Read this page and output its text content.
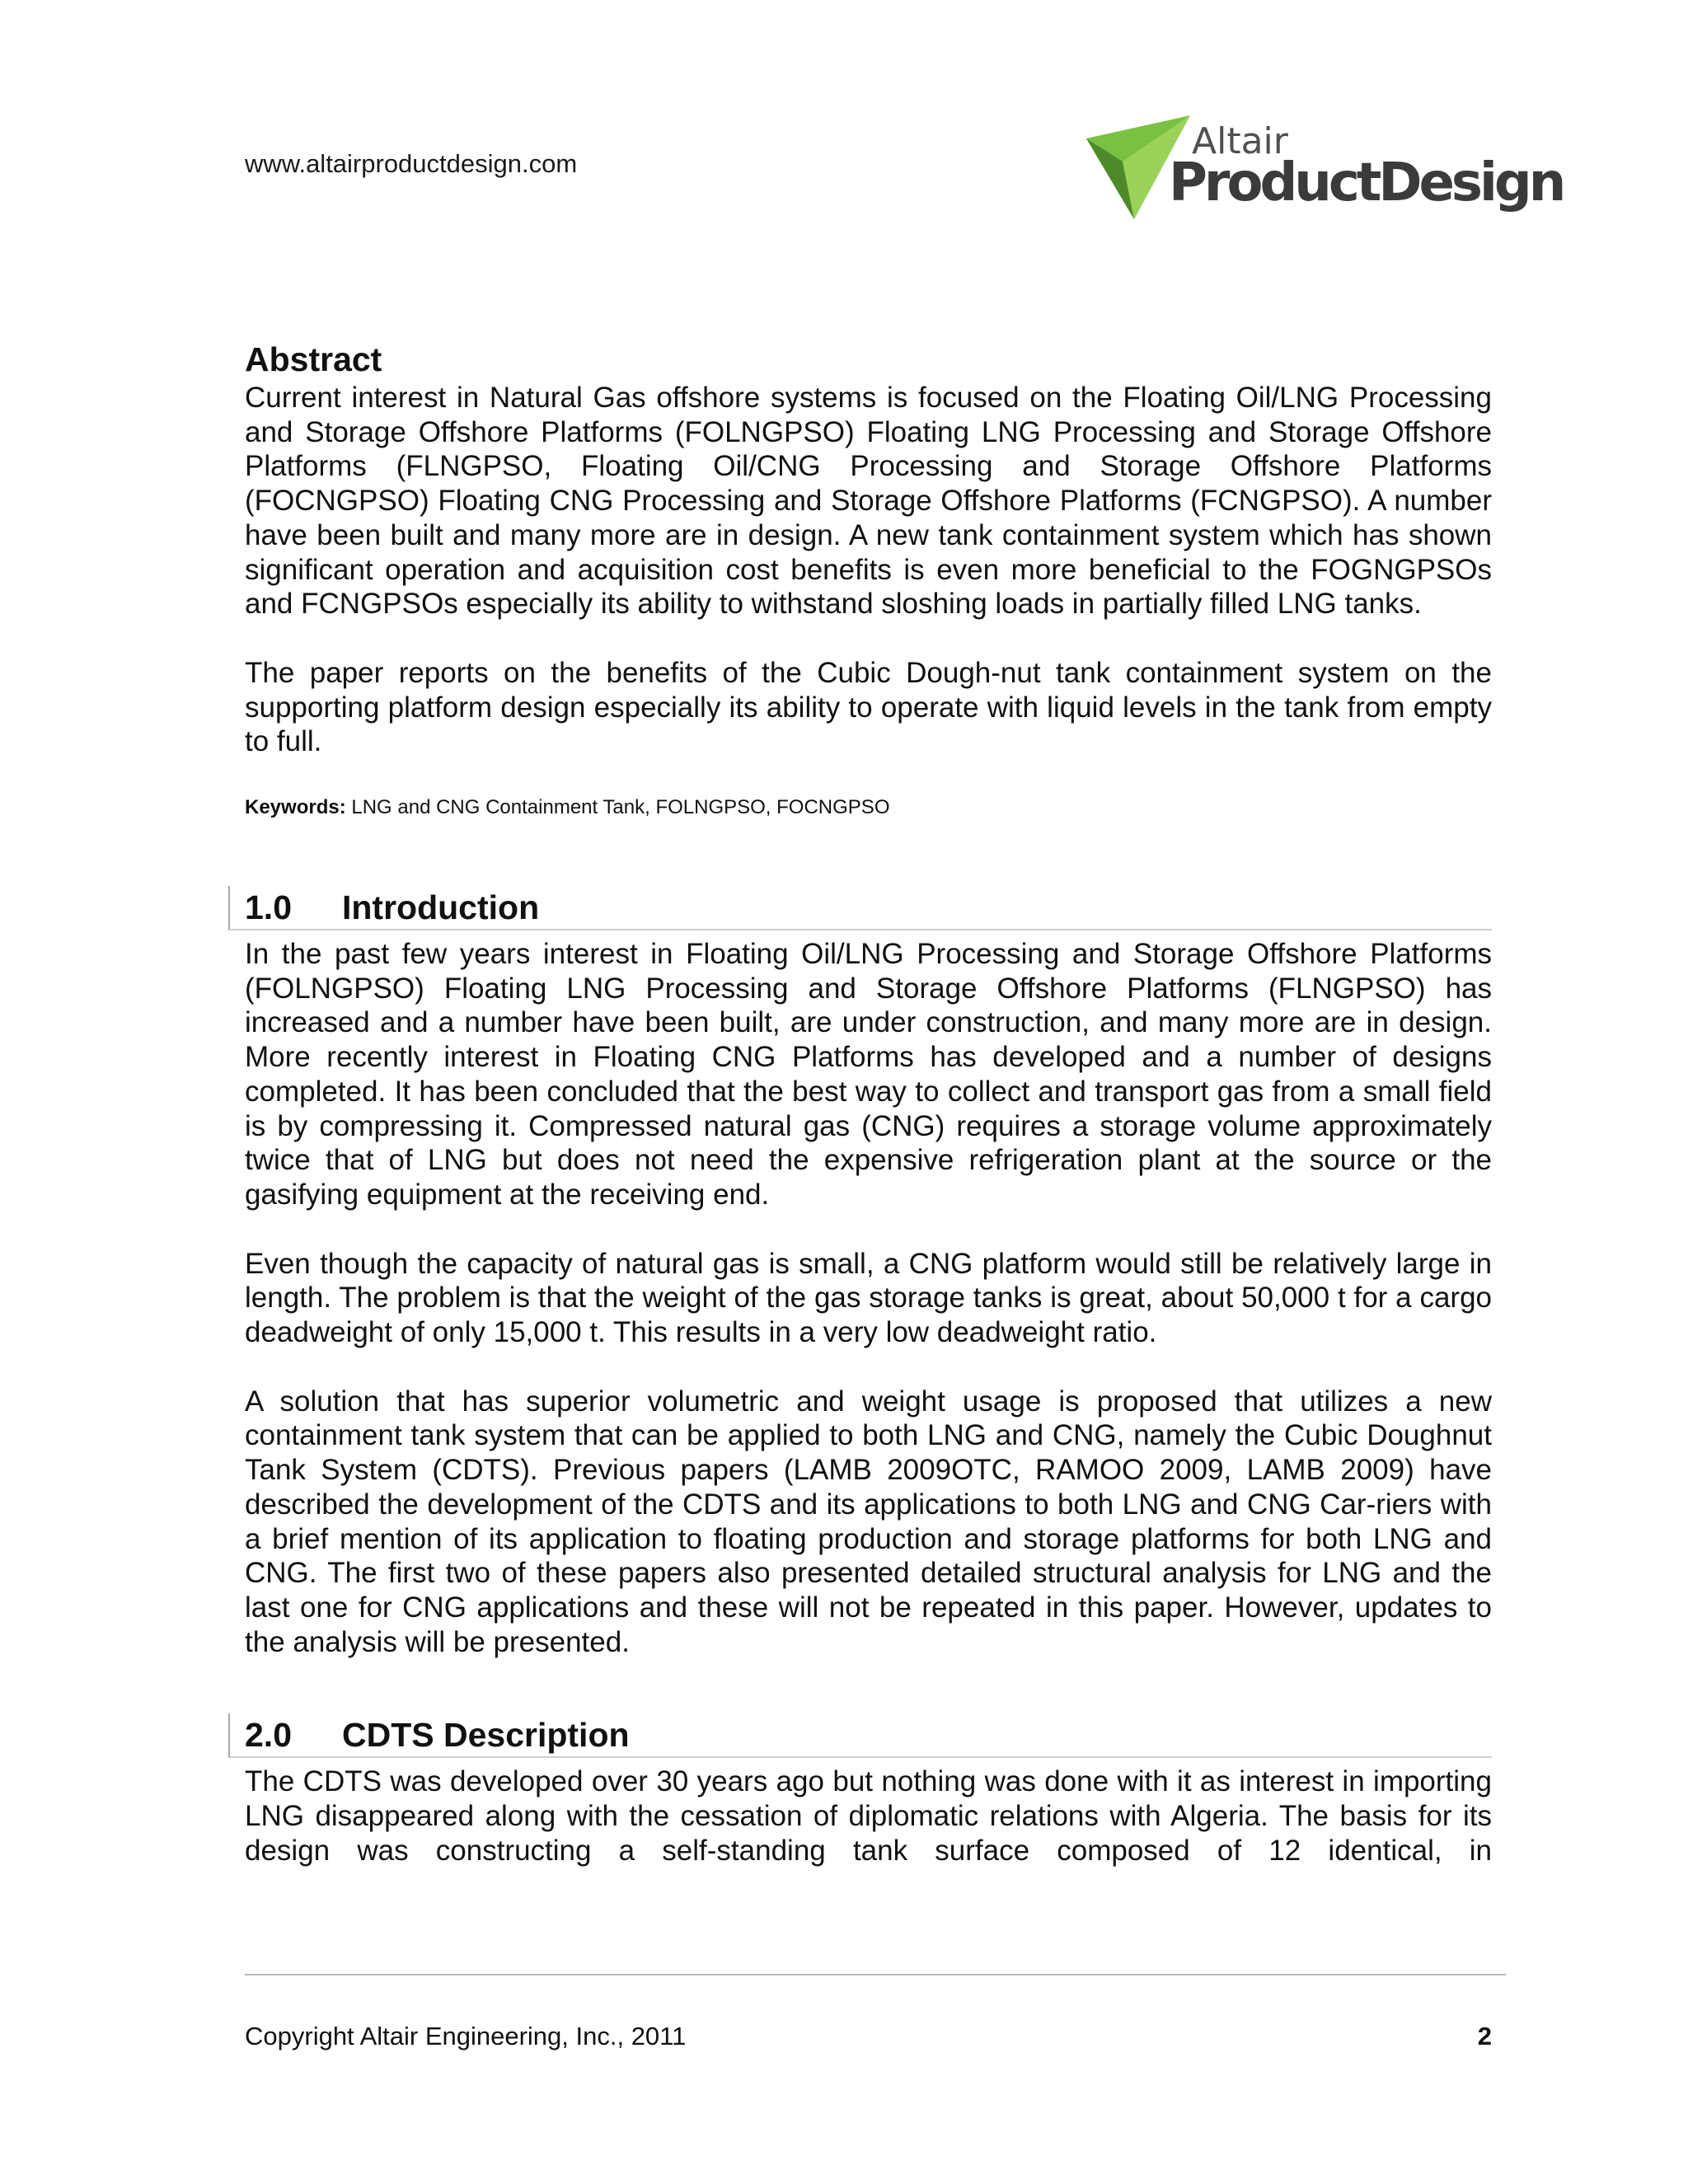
www.altairproductdesign.com
Altair
ProductDesign
Abstract

Current interest in Natural Gas offshore systems is focused on the Floating Oil/LNG Processing and Storage Offshore Platforms (FOLNGPSO) Floating LNG Processing and Storage Offshore Platforms (FLNGPSO, Floating Oil/CNG Processing and Storage Offshore Platforms (FOCNGPSO) Floating CNG Processing and Storage Offshore Platforms (FCNGPSO). A number have been built and many more are in design. A new tank containment system which has shown significant operation and acquisition cost benefits is even more beneficial to the FOGNGPSOs and FCNGPSOs especially its ability to withstand sloshing loads in partially filled LNG tanks.

The paper reports on the benefits of the Cubic Dough-nut tank containment system on the supporting platform design especially its ability to operate with liquid levels in the tank from empty to full.

Keywords: LNG and CNG Containment Tank, FOLNGPSO, FOCNGPSO

1.0 Introduction

In the past few years interest in Floating Oil/LNG Processing and Storage Offshore Platforms (FOLNGPSO) Floating LNG Processing and Storage Offshore Platforms (FLNGPSO) has increased and a number have been built, are under construction, and many more are in design. More recently interest in Floating CNG Platforms has developed and a number of designs completed. It has been concluded that the best way to collect and transport gas from a small field is by compressing it. Compressed natural gas (CNG) requires a storage volume approximately twice that of LNG but does not need the expensive refrigeration plant at the source or the gasifying equipment at the receiving end.

Even though the capacity of natural gas is small, a CNG platform would still be relatively large in length. The problem is that the weight of the gas storage tanks is great, about 50,000 t for a cargo deadweight of only 15,000 t. This results in a very low deadweight ratio.

A solution that has superior volumetric and weight usage is proposed that utilizes a new containment tank system that can be applied to both LNG and CNG, namely the Cubic Doughnut Tank System (CDTS). Previous papers (LAMB 2009OTC, RAMOO 2009, LAMB 2009) have described the development of the CDTS and its applications to both LNG and CNG Car-riers with a brief mention of its application to floating production and storage platforms for both LNG and CNG. The first two of these papers also presented detailed structural analysis for LNG and the last one for CNG applications and these will not be repeated in this paper. However, updates to the analysis will be presented.

2.0 CDTS Description

The CDTS was developed over 30 years ago but nothing was done with it as interest in importing LNG disappeared along with the cessation of diplomatic relations with Algeria. The basis for its design was constructing a self-standing tank surface composed of 12 identical, in

Copyright Altair Engineering, Inc., 2011	2
